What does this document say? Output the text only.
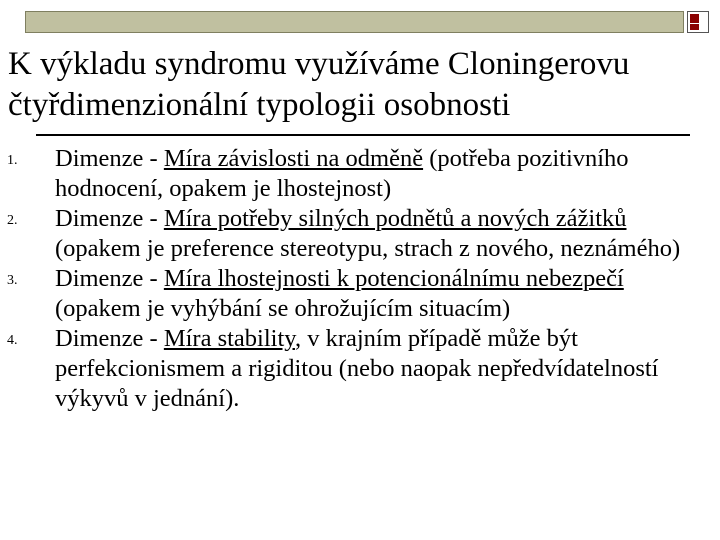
K výkladu syndromu využíváme Cloningerovu čtyřdimenzionální typologii osobnosti
1. Dimenze - Míra závislosti na odměně (potřeba pozitivního hodnocení, opakem je lhostejnost)
2. Dimenze - Míra potřeby silných podnětů a nových zážitků (opakem je preference stereotypu, strach z nového, neznámého)
3. Dimenze - Míra lhostejnosti k potencionálnímu nebezpečí (opakem je vyhýbání se ohrožujícím situacím)
4. Dimenze - Míra stability, v krajním případě může být perfekcionismem a rigiditou (nebo naopak nepředvídatelností výkyvů v jednání).
